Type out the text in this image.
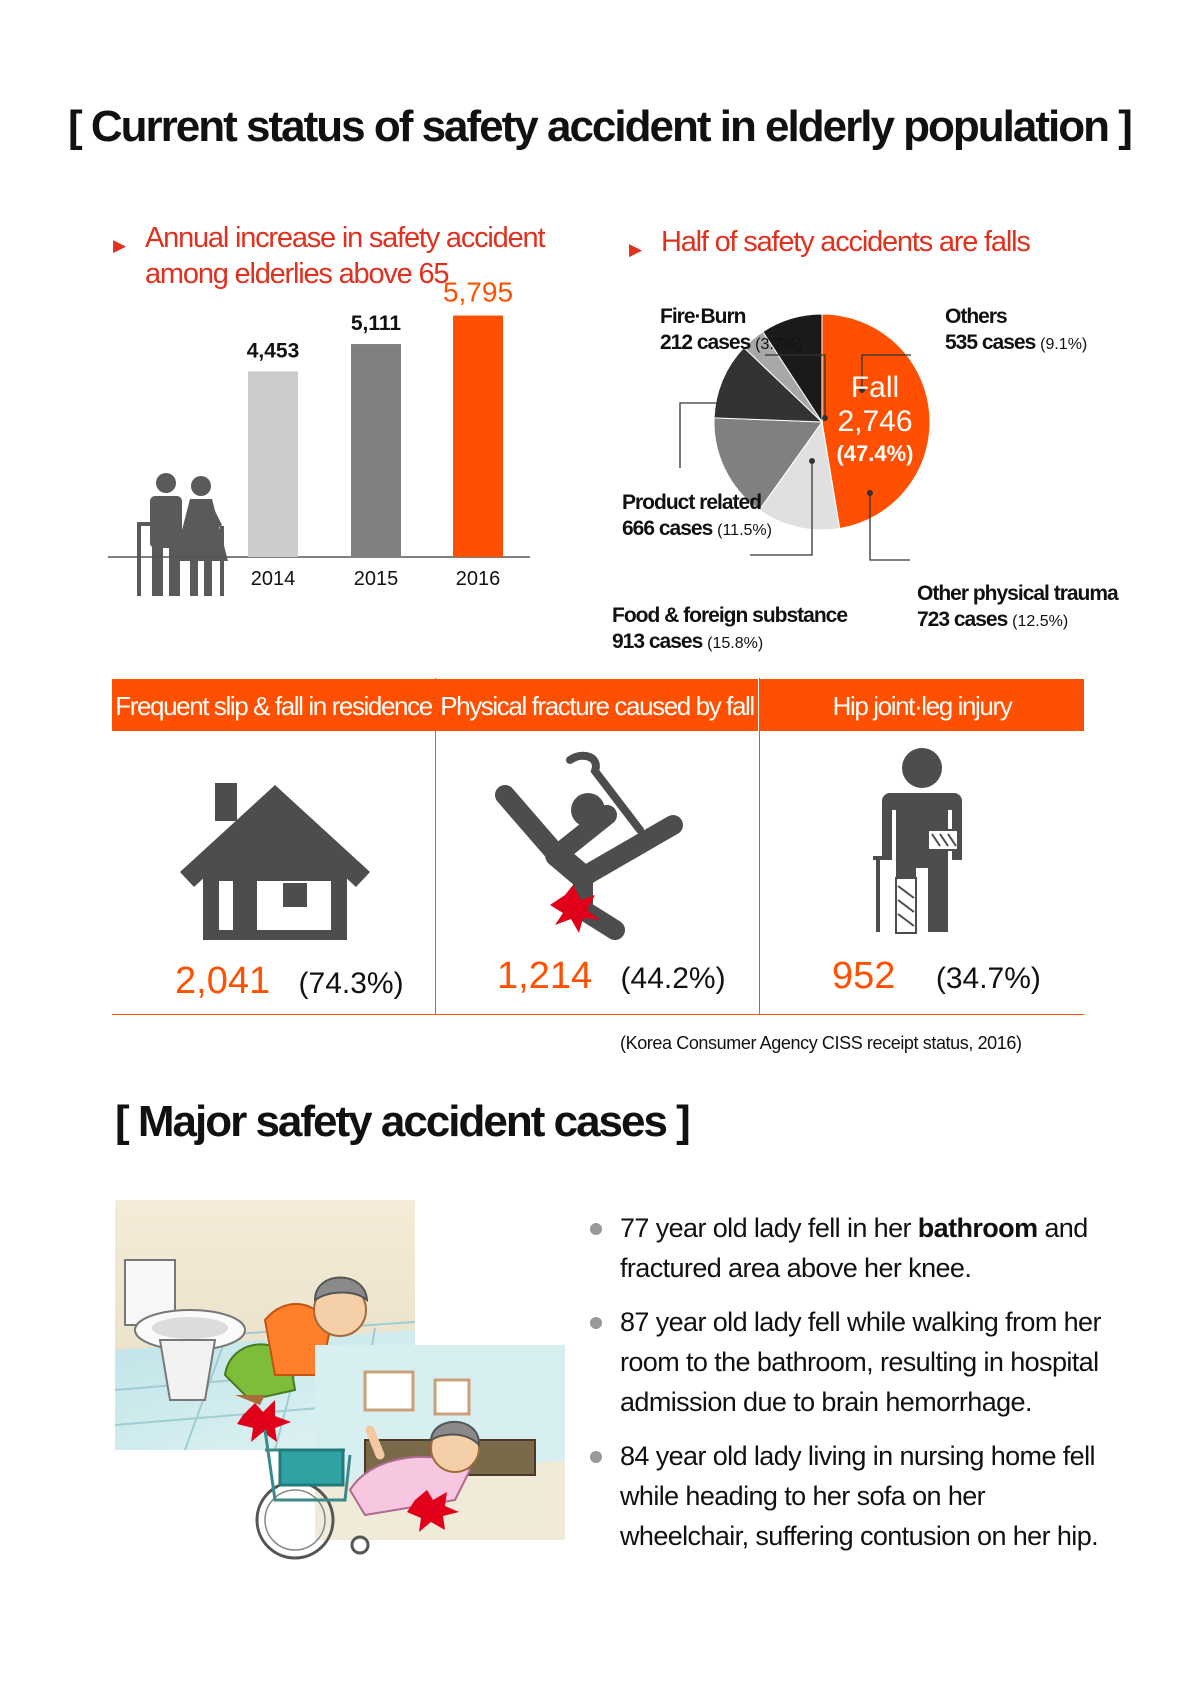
[ Current status of safety accident in elderly population ]
▶ Annual increase in safety accident
among elderlies above 65
▶ Half of safety accidents are falls
4,453
2014
5,111
2015
5,795
2016
Fall
2,746
(47.4%)
Fire·Burn
212 cases (3.7%)
Others
535 cases (9.1%)
Product related
666 cases (11.5%)
Food & foreign substance
913 cases (15.8%)
Other physical trauma
723 cases (12.5%)
Frequent slip & fall in residence Physical fracture caused by fall	Hip joint·leg injury
2,041 (74.3%) 1,214 (44.2%)	952 (34.7%)
(Korea Consumer Agency CISS receipt status, 2016)
[ Major safety accident cases ]
77 year old lady fell in her bathroom and fractured area above her knee.
87 year old lady fell while walking from her room to the bathroom, resulting in hospital admission due to brain hemorrhage.
84 year old lady living in nursing home fell while heading to her sofa on her wheelchair, suffering contusion on her hip.
